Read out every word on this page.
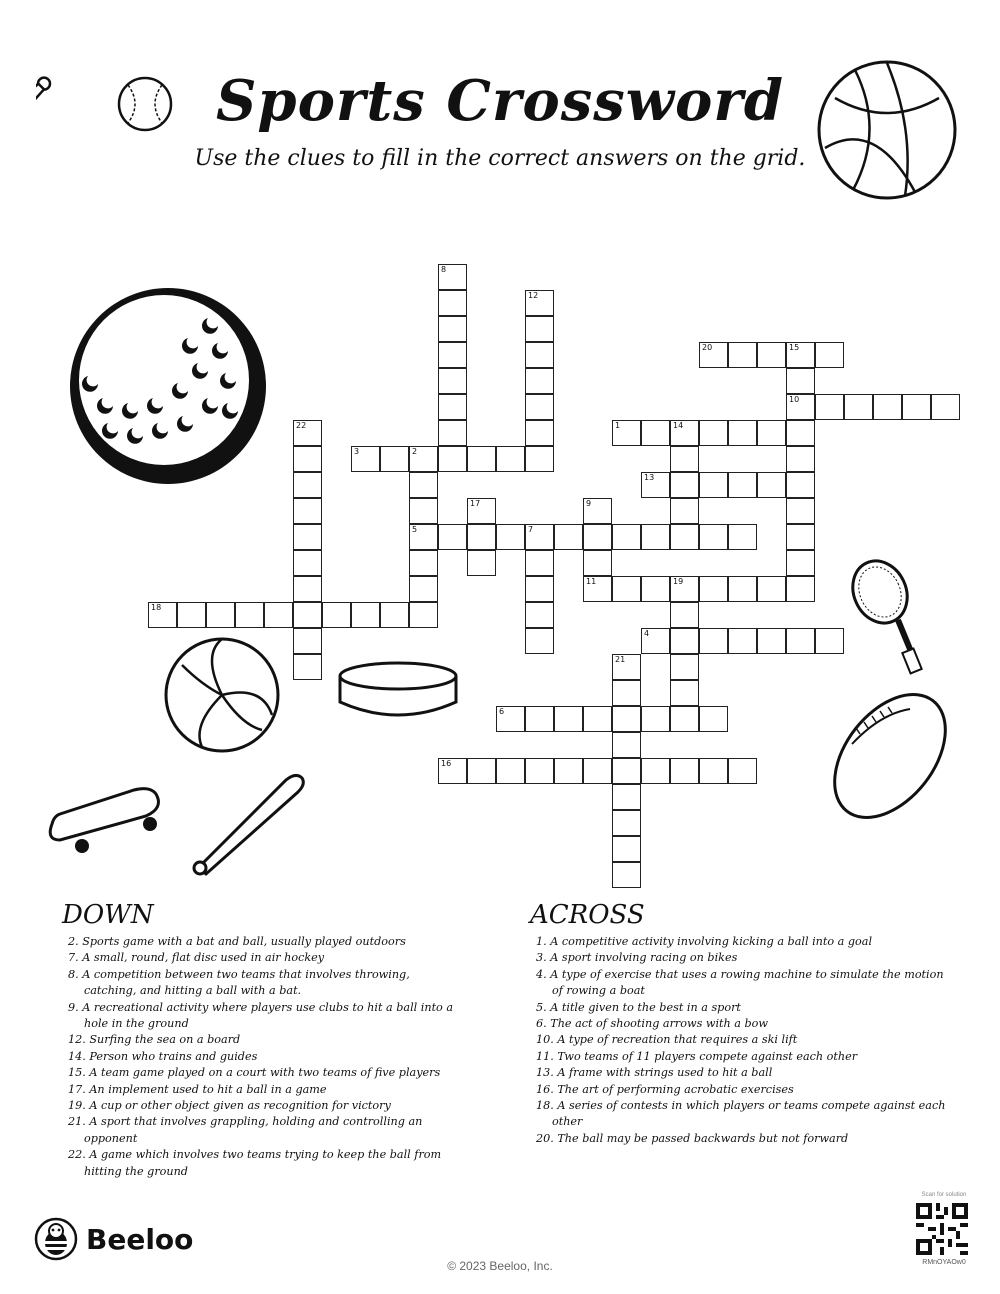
Sports Crossword
Use the clues to fill in the correct answers on the grid.
8
12
20	15
10
22	1	14
3	2
5
13
17	9
7
11	19
18
4
21
6
16
DOWN
2. Sports game with a bat and ball, usually played outdoors
7. A small, round, flat disc used in air hockey
8. A competition between two teams that involves throwing, catching, and hitting a ball with a bat.
9. A recreational activity where players use clubs to hit a ball into a hole in the ground
12. Surfing the sea on a board
14. Person who trains and guides
15. A team game played on a court with two teams of five players
17. An implement used to hit a ball in a game
19. A cup or other object given as recognition for victory
21. A sport that involves grappling, holding and controlling an opponent
22. A game which involves two teams trying to keep the ball from hitting the ground
ACROSS
1. A competitive activity involving kicking a ball into a goal
3. A sport involving racing on bikes
4. A type of exercise that uses a rowing machine to simulate the motion of rowing a boat
5. A title given to the best in a sport
6. The act of shooting arrows with a bow
10. A type of recreation that requires a ski lift
11. Two teams of 11 players compete against each other
13. A frame with strings used to hit a ball
16. The art of performing acrobatic exercises
18. A series of contests in which players or teams compete against each other
20. The ball may be passed backwards but not forward
Beeloo
© 2023 Beeloo, Inc.
Scan for solution
RMnOYAOw0
